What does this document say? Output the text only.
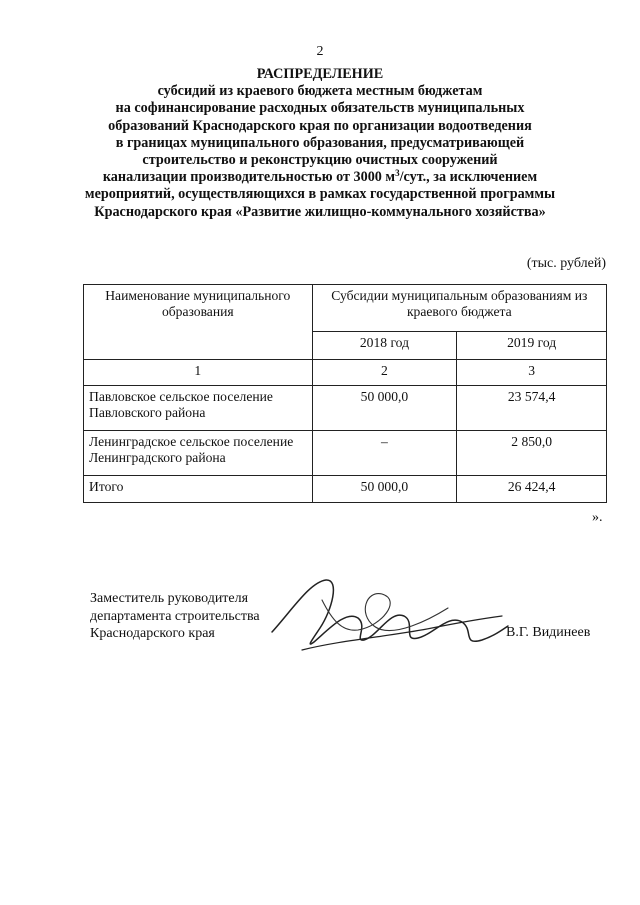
2
РАСПРЕДЕЛЕНИЕ
субсидий из краевого бюджета местным бюджетам
на софинансирование расходных обязательств муниципальных
образований Краснодарского края по организации водоотведения
в границах муниципального образования, предусматривающей
строительство и реконструкцию очистных сооружений
канализации производительностью от 3000 $м^3$/сут., за исключением
мероприятий, осуществляющихся в рамках государственной программы
Краснодарского края «Развитие жилищно-коммунального хозяйства»
(тыс. рублей)
Наименование муниципального образования	Субсидии муниципальным образованиям из краевого бюджета	
	2018 год	2019 год
1	2	3
Павловское сельское поселение Павловского района	50 000,0	23 574,4
Ленинградское сельское поселение Ленинградского района	–	2 850,0
Итого	50 000,0	26 424,4
».
Заместитель руководителя
департамента строительства
Краснодарского края	В.Г. Видинеев
